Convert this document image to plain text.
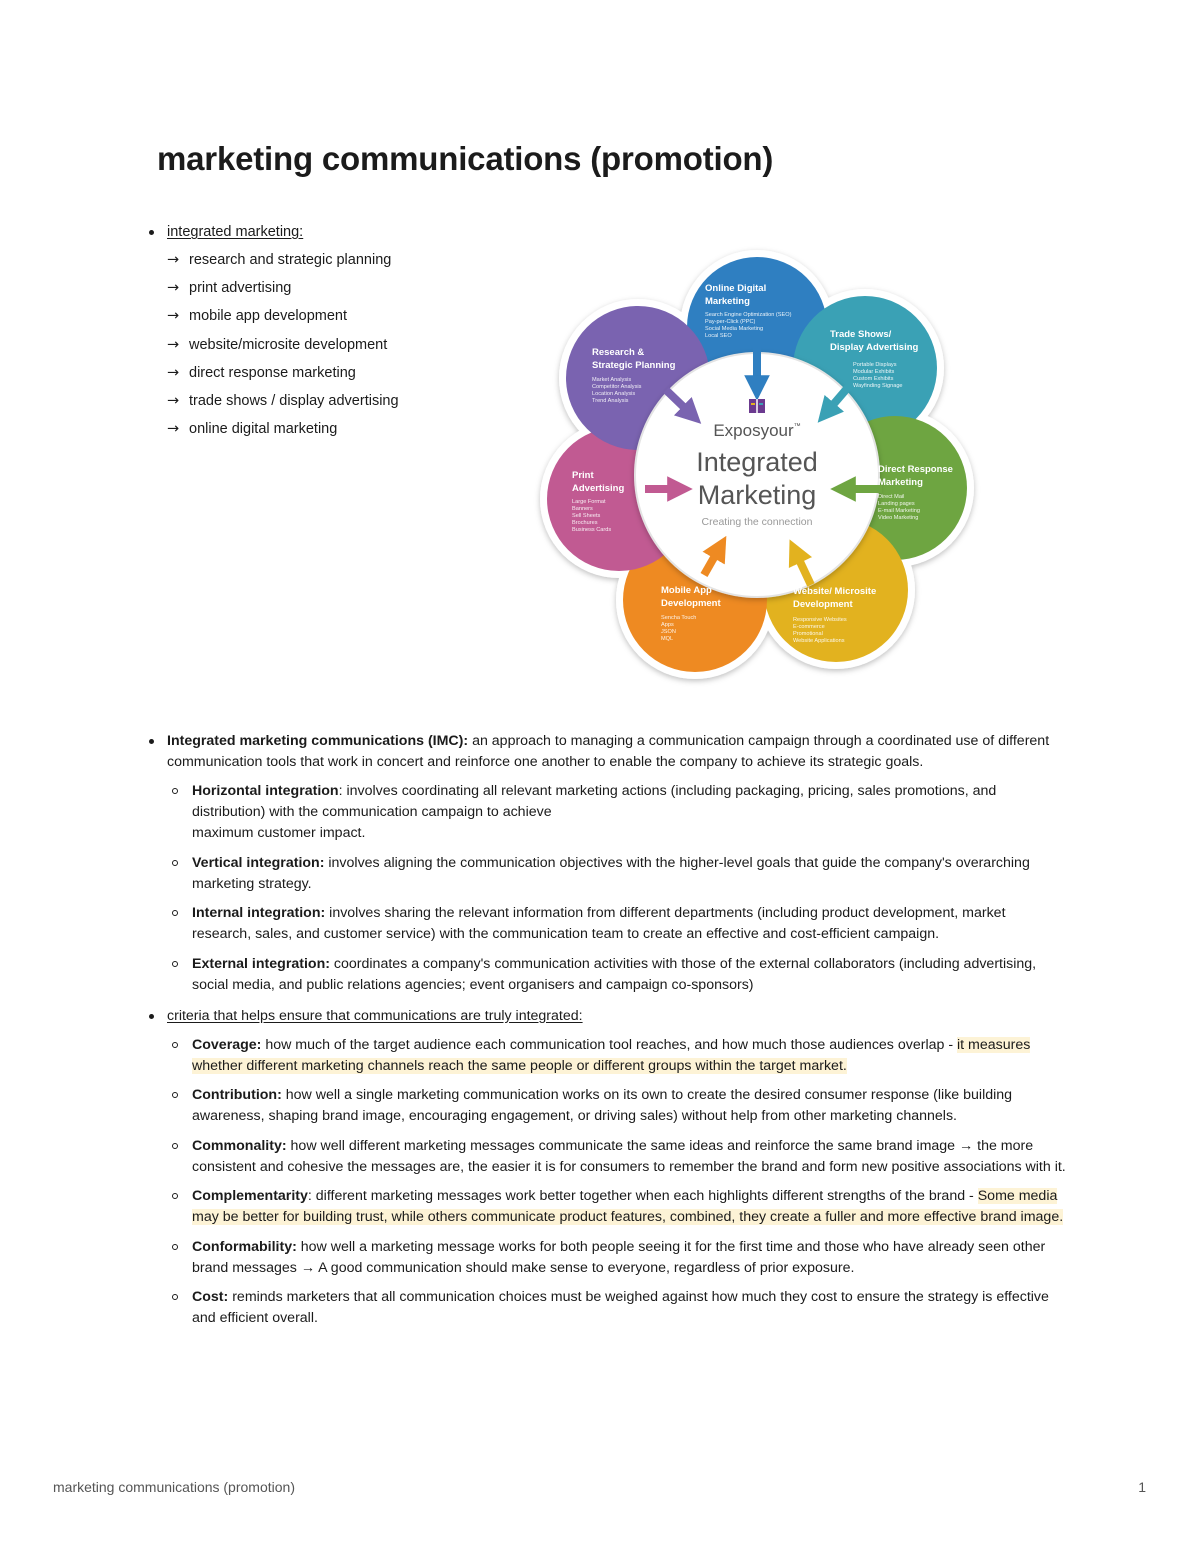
marketing communications (promotion)
integrated marketing:
→ research and strategic planning
→ print advertising
→ mobile app development
→ website/microsite development
→ direct response marketing
→ trade shows / display advertising
→ online digital marketing	Exposyour™
Integrated
Marketing
Creating the connection
Online Digital
Marketing
Trade Shows/
Display Advertising
Direct Response
Marketing
Website/ Microsite
Development
Mobile App
Development
Print
Advertising
Research &
Strategic Planning
Search Engine Optimization (SEO)
Pay-per-Click (PPC)
Social Media Marketing
Local SEO
Portable Displays
Modular Exhibits
Custom Exhibits
Wayfinding Signage
Direct Mail
Landing pages
E-mail Marketing
Video Marketing
Responsive Websites
E-commerce
Promotional
Website Applications
Sencha Touch
Apps
JSON
MQL
Large Format
Banners
Sell Sheets
Brochures
Business Cards
Market Analysis
Competitor Analysis
Location Analysis
Trend Analysis
Integrated marketing communications (IMC): an approach to managing a communication campaign through a coordinated use of different communication tools that work in concert and reinforce one another to enable the company to achieve its strategic goals.
Horizontal integration: involves coordinating all relevant marketing actions (including packaging, pricing, sales promotions, and distribution) with the communication campaign to achieve
maximum customer impact.
Vertical integration: involves aligning the communication objectives with the higher-level goals that guide the company's overarching marketing strategy.
Internal integration: involves sharing the relevant information from different departments (including product development, market research, sales, and customer service) with the communication team to create an effective and cost-efficient campaign.
External integration: coordinates a company's communication activities with those of the external collaborators (including advertising, social media, and public relations agencies; event organisers and campaign co-sponsors)
criteria that helps ensure that communications are truly integrated:
Coverage: how much of the target audience each communication tool reaches, and how much those audiences overlap - it measures whether different marketing channels reach the same people or different groups within the target market.
Contribution: how well a single marketing communication works on its own to create the desired consumer response (like building awareness, shaping brand image, encouraging engagement, or driving sales) without help from other marketing channels.
Commonality: how well different marketing messages communicate the same ideas and reinforce the same brand image → the more consistent and cohesive the messages are, the easier it is for consumers to remember the brand and form new positive associations with it.
Complementarity: different marketing messages work better together when each highlights different strengths of the brand - Some media may be better for building trust, while others communicate product features, combined, they create a fuller and more effective brand image.
Conformability: how well a marketing message works for both people seeing it for the first time and those who have already seen other brand messages → A good communication should make sense to everyone, regardless of prior exposure.
Cost: reminds marketers that all communication choices must be weighed against how much they cost to ensure the strategy is effective and efficient overall.
marketing communications (promotion)	1
